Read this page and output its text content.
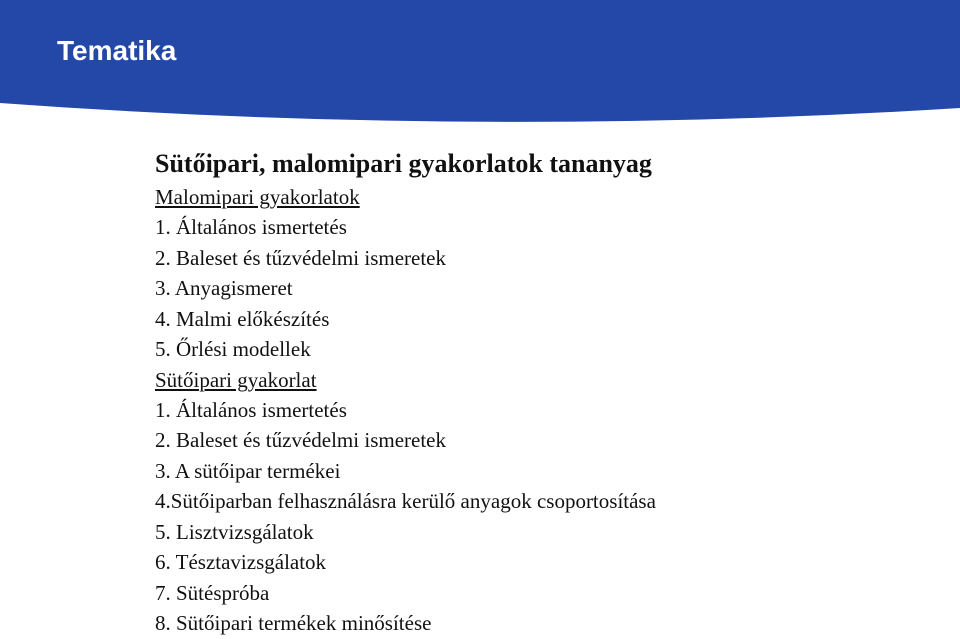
Tematika
Sütőipari, malomipari gyakorlatok tananyag
Malomipari gyakorlatok
1. Általános ismertetés
2. Baleset és tűzvédelmi ismeretek
3. Anyagismeret
4. Malmi előkészítés
5. Őrlési modellek
Sütőipari gyakorlat
1. Általános ismertetés
2. Baleset és tűzvédelmi ismeretek
3. A sütőipar termékei
4.Sütőiparban felhasználásra kerülő anyagok csoportosítása
5. Lisztvizsgálatok
6. Tésztavizsgálatok
7. Sütéspróba
8. Sütőipari termékek minősítése
